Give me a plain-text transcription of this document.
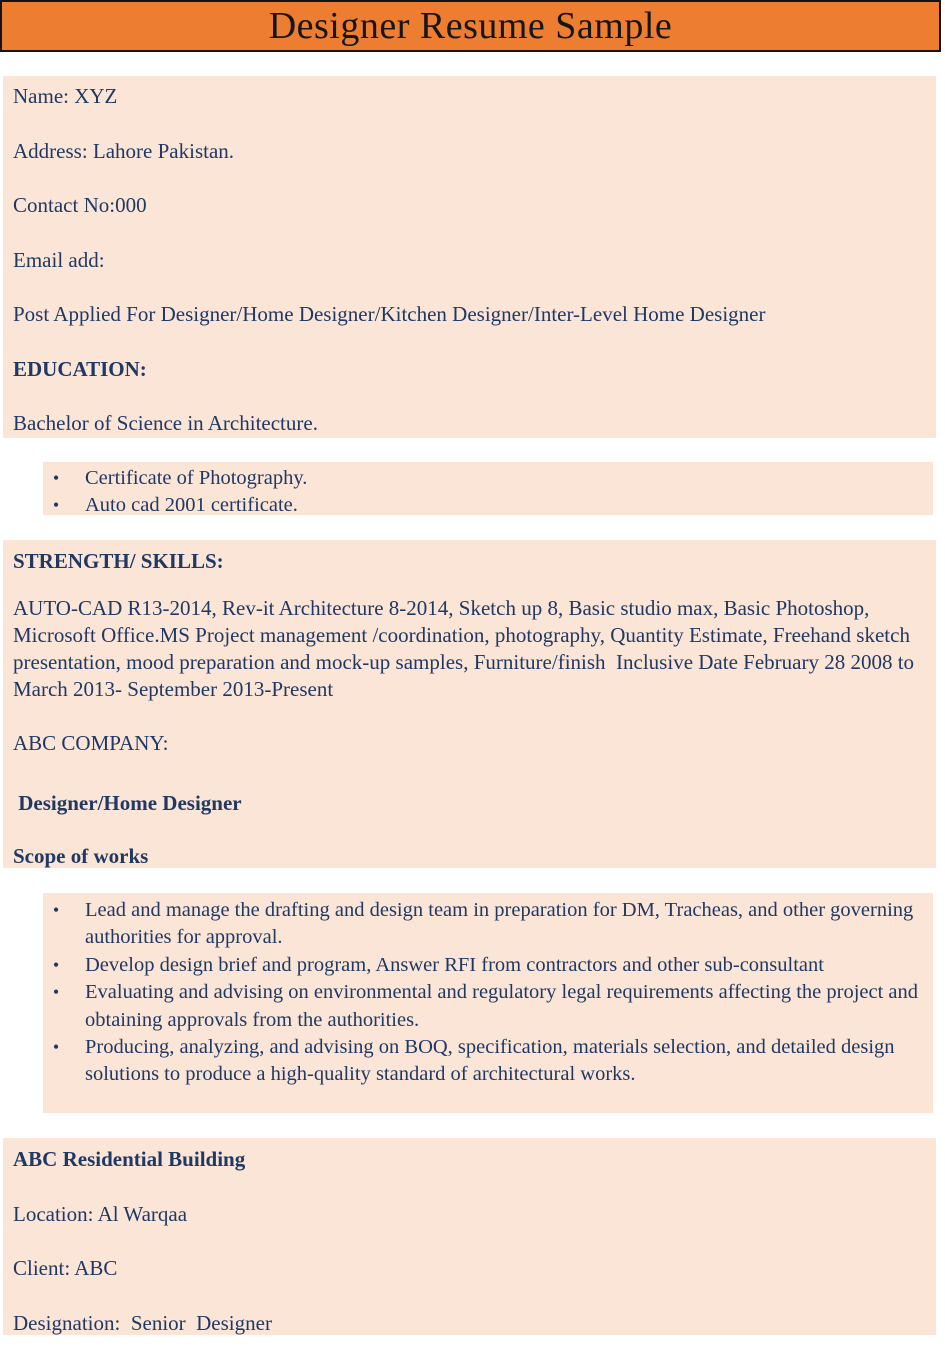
Designer Resume Sample

Name: XYZ

Address: Lahore Pakistan.

Contact No:000

Email add:

Post Applied For Designer/Home Designer/Kitchen Designer/Inter-Level Home Designer

EDUCATION:

Bachelor of Science in Architecture.

• Certificate of Photography.
• Auto cad 2001 certificate.

STRENGTH/ SKILLS:

AUTO-CAD R13-2014, Rev-it Architecture 8-2014, Sketch up 8, Basic studio max, Basic Photoshop, Microsoft Office.MS Project management /coordination, photography, Quantity Estimate, Freehand sketch presentation, mood preparation and mock-up samples, Furniture/finish  Inclusive Date February 28 2008 to March 2013- September 2013-Present

ABC COMPANY:

Designer/Home Designer

Scope of works

• Lead and manage the drafting and design team in preparation for DM, Tracheas, and other governing authorities for approval.
• Develop design brief and program, Answer RFI from contractors and other sub-consultant
• Evaluating and advising on environmental and regulatory legal requirements affecting the project and obtaining approvals from the authorities.
• Producing, analyzing, and advising on BOQ, specification, materials selection, and detailed design solutions to produce a high-quality standard of architectural works.

ABC Residential Building

Location: Al Warqaa

Client: ABC

Designation:  Senior  Designer
